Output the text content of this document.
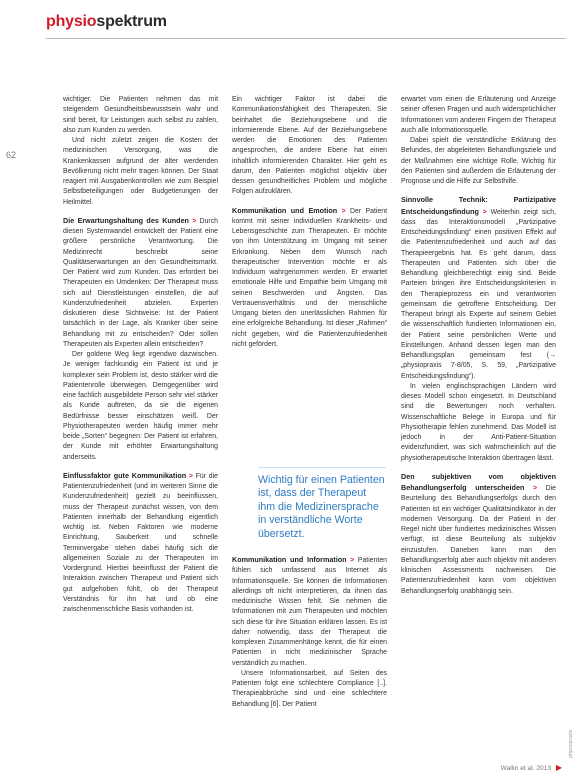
physiospektrum
62

wichtiger. Die Patienten nehmen das mit steigendem Gesundheitsbewusstsein wahr und sind bereit, für Leistungen auch selbst zu zahlen, also zum Kunden zu werden.

Und nicht zuletzt zeigen die Kosten der medizinischen Versorgung, was die Krankenkassen aufgrund der älter werdenden Bevölkerung nicht mehr tragen können. Der Staat reagiert mit Ausgabenkontrollen wie zum Beispiel Selbstbeteiligungen oder Budgetierungen der Heilmittel.

Die Erwartungshaltung des Kunden > Durch diesen Systemwandel entwickelt der Patient eine größere persönliche Verantwortung. Die Medizinrecht beschreibt seine Qualitätserwartungen an den Gesundheitsmarkt. Der Patient wird zum Kunden. Das erfordert bei Therapeuten ein Umdenken: Der Therapeut muss sich auf Dienstleistungen einstellen, die auf Kundenzufriedenheit abzielen. Experten diskutieren diese Sichtweise: Ist der Patient tatsächlich in der Lage, als Kranker über seine Behandlung mit zu entscheiden? Oder sollen Therapeuten als Experten allein entscheiden?

Der goldene Weg liegt irgendwo dazwischen. Je weniger fachkundig ein Patient ist und je komplexer sein Problem ist, desto stärker wird die Patientenrolle überwiegen. Demgegenüber wird eine fachlich ausgebildete Person sehr viel stärker als Kunde auftreten, da sie die eigenen Bedürfnisse besser einschätzen weiß. Der Physiotherapeuten werden häufig immer mehr beide „Sorten“ begegnen: Der Patient ist erfahren, der Kunde mit erhöhter Erwartungshaltung anderseits.

Einflussfaktor gute Kommunikation > Für die Patientenzufriedenheit (und im weiteren Sinne die Kundenzufriedenheit) gezielt zu beeinflussen, muss der Therapeut zunächst wissen, von dem Patienten innerhalb der Behandlung eigentlich wichtig ist. Neben Faktoren wie moderne Einrichtung, Sauberkeit und schnelle Terminvergabe stehen dabei häufig sich die allgemeinen Soziale zu der Therapeuten im Vordergrund. Hierbei beeinflusst der Patient die Interaktion zwischen Therapeut und Patient sich gut aufgehoben fühlt, ob der Therapeut Verständnis für ihn hat und ob eine zwischenmenschliche Basis vorhanden ist.

Ein wichtiger Faktor ist dabei die Kommunikationsfähigkeit des Therapeuten. Sie beinhaltet die Beziehungsebene und die informierende Ebene. Auf der Beziehungsebene werden die Emotionen des Patienten angesprochen, die andere Ebene hat einen inhaltlich informierenden Charakter. Hier geht es darum, den Patienten möglichst objektiv über dessen gesundheitliches Problem und mögliche Folgen aufzuklären.

Kommunikation und Emotion > Der Patient kommt mit seiner individuellen Krankheits- und Lebensgeschichte zum Therapeuten. Er möchte von ihm Unterstützung im Umgang mit seiner Erkrankung. Neben dem Wunsch nach therapeutischer Intervention möchte er als Individuum wahrgenommen werden. Er erwartet emotionale Hilfe und Empathie beim Umgang mit seinen Beschwerden und Ängsten. Das Vertrauensverhältnis und der menschliche Umgang bieten den unerlässlichen Rahmen für eine erfolgreiche Behandlung. Ist dieser „Rahmen“ nicht gegeben, wird die Patientenzufriedenheit nicht gefördert.
Wichtig für einen Patienten ist, dass der Therapeut ihm die Medizinersprache in verständliche Worte übersetzt.
Kommunikation und Information > Patienten fühlen sich umfassend aus Internet als Informationsquelle. Sie können die Informationen allerdings oft nicht interpretieren, da ihnen das medizinische Wissen fehlt. Sie nehmen die Informationen mit zum Therapeuten und möchten sich diese für ihre Situation erklären lassen. Es ist daher notwendig, dass der Therapeut die komplexen Zusammenhänge kennt, die für einen Patienten in nicht medizinischer Sprache verständlich zu machen.

Unsere Informationsarbeit, auf Seiten des Patienten folgt eine schlechtere Compliance [..]. Therapieabbrüche sind und eine schlechtere Behandlung [6]. Der Patient

erwartet vom einen die Erläuterung und Anzeige seiner offenen Fragen und auch widersprüchlicher Informationen vom anderen Fingern der Therapeut auch alle Informationsquelle.

Dabei spielt die verständliche Erklärung des Befundes, der abgeleiteten Behandlungsziele und der Maßnahmen eine wichtige Rolle. Wichtig für den Patienten sind außerdem die Erläuterung der Prognose und die Hilfe zur Selbsthilfe.

Sinnvolle Technik: Partizipative Entscheidungsfindung > Weiterhin zeigt sich, dass das Interaktionsmodell „Partizipative Entscheidungsfindung“ einen positiven Effekt auf die Patientenzufriedenheit und auch auf das Therapieergebnis hat. Es geht darum, dass Therapeuten und Patienten sich über die Behandlung gleichberechtigt einig sind. Beide Parteien bringen ihre Entscheidungskriterien in den Therapieprozess ein und verantworten gemeinsam die getroffene Entscheidung. Der Therapeut bringt als Experte auf seinem Gebiet die wissenschaftlich fundierten Informationen ein, der Patient seine persönlichen Werte und Einstellungen. Anhand dessen legen man den Behandlungsplan gemeinsam fest (→ „physiopraxis 7-8/05, S. 59, „Partizipative Entscheidungsfindung“).

In vielen englischsprachigen Ländern wird dieses Modell schon eingesetzt. In Deutschland sind die Bewertungen noch verhalten. Wissenschaftliche Belege in Europa und für Physiotherapie fehlen zunehmend. Das Modell ist jedoch in der Anti-Patient-Situation evidenzfundiert, was sich wahrscheinlich auf die physiotherapeutische Interaktion übertragen lässt.

Den subjektiven vom objektiven Behandlungserfolg unterscheiden > Die Beurteilung des Behandlungserfolgs durch den Patienten ist ein wichtiger Qualitätsindikator in der modernen Versorgung. Da der Patient in der Regel nicht über fundiertes medizinisches Wissen verfügt, ist diese Beurteilung als subjektiv einzustufen. Daneben kann man den Behandlungserfolg aber auch objektiv mit anderen klinischen Assessments nachweisen. Die Patientenzufriedenheit kann vom objektiven Behandlungserfolg unabhängig sein.
Wallin et al. 2013 ▶
physiopraxis
